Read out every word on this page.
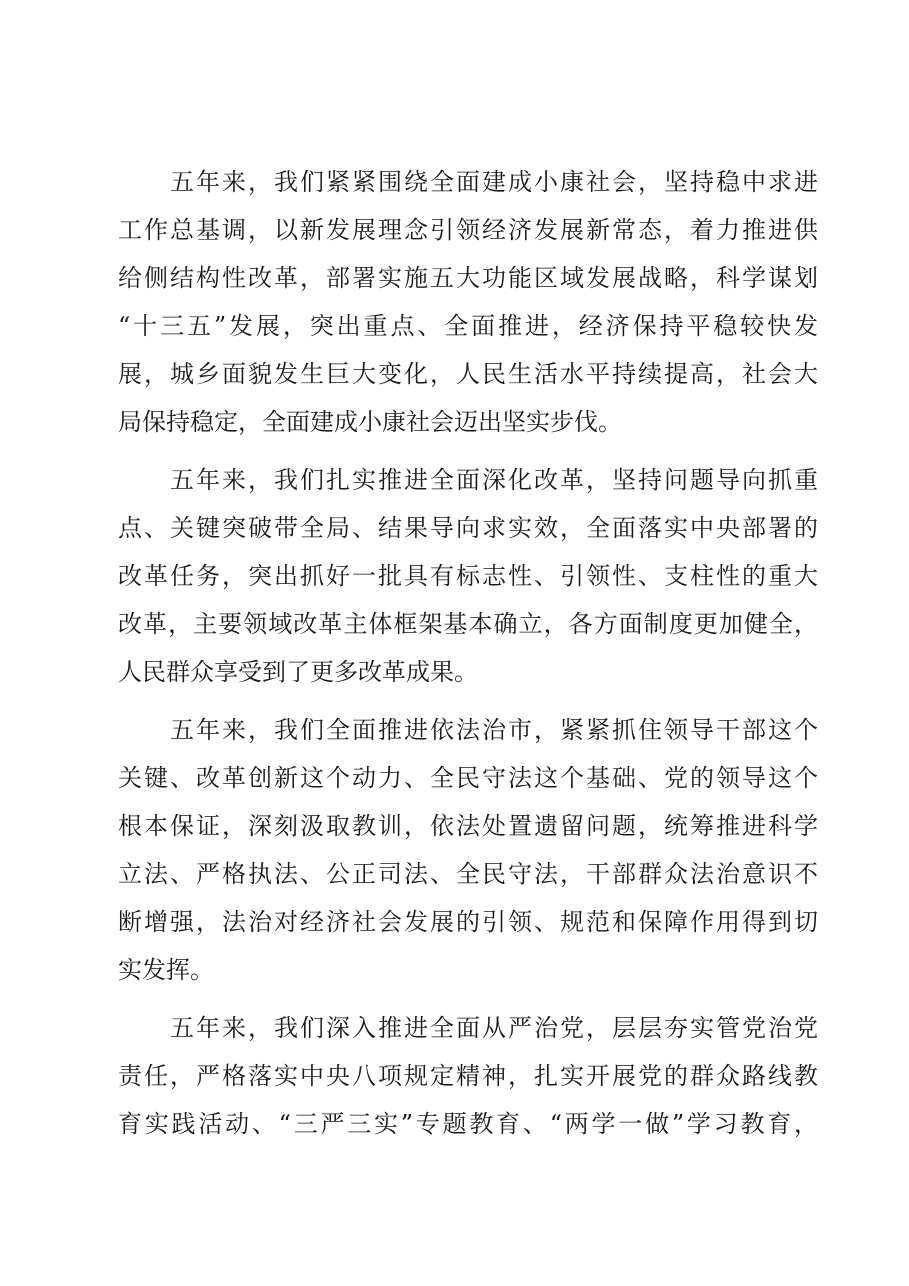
五年来，我们紧紧围绕全面建成小康社会，坚持稳中求进
工作总基调，以新发展理念引领经济发展新常态，着力推进供
给侧结构性改革，部署实施五大功能区域发展战略，科学谋划
“十三五”发展，突出重点、全面推进，经济保持平稳较快发
展，城乡面貌发生巨大变化，人民生活水平持续提高，社会大
局保持稳定，全面建成小康社会迈出坚实步伐。
五年来，我们扎实推进全面深化改革，坚持问题导向抓重
点、关键突破带全局、结果导向求实效，全面落实中央部署的
改革任务，突出抓好一批具有标志性、引领性、支柱性的重大
改革，主要领域改革主体框架基本确立，各方面制度更加健全，
人民群众享受到了更多改革成果。
五年来，我们全面推进依法治市，紧紧抓住领导干部这个
关键、改革创新这个动力、全民守法这个基础、党的领导这个
根本保证，深刻汲取教训，依法处置遗留问题，统筹推进科学
立法、严格执法、公正司法、全民守法，干部群众法治意识不
断增强，法治对经济社会发展的引领、规范和保障作用得到切
实发挥。
五年来，我们深入推进全面从严治党，层层夯实管党治党
责任，严格落实中央八项规定精神，扎实开展党的群众路线教
育实践活动、“三严三实”专题教育、“两学一做”学习教育，
